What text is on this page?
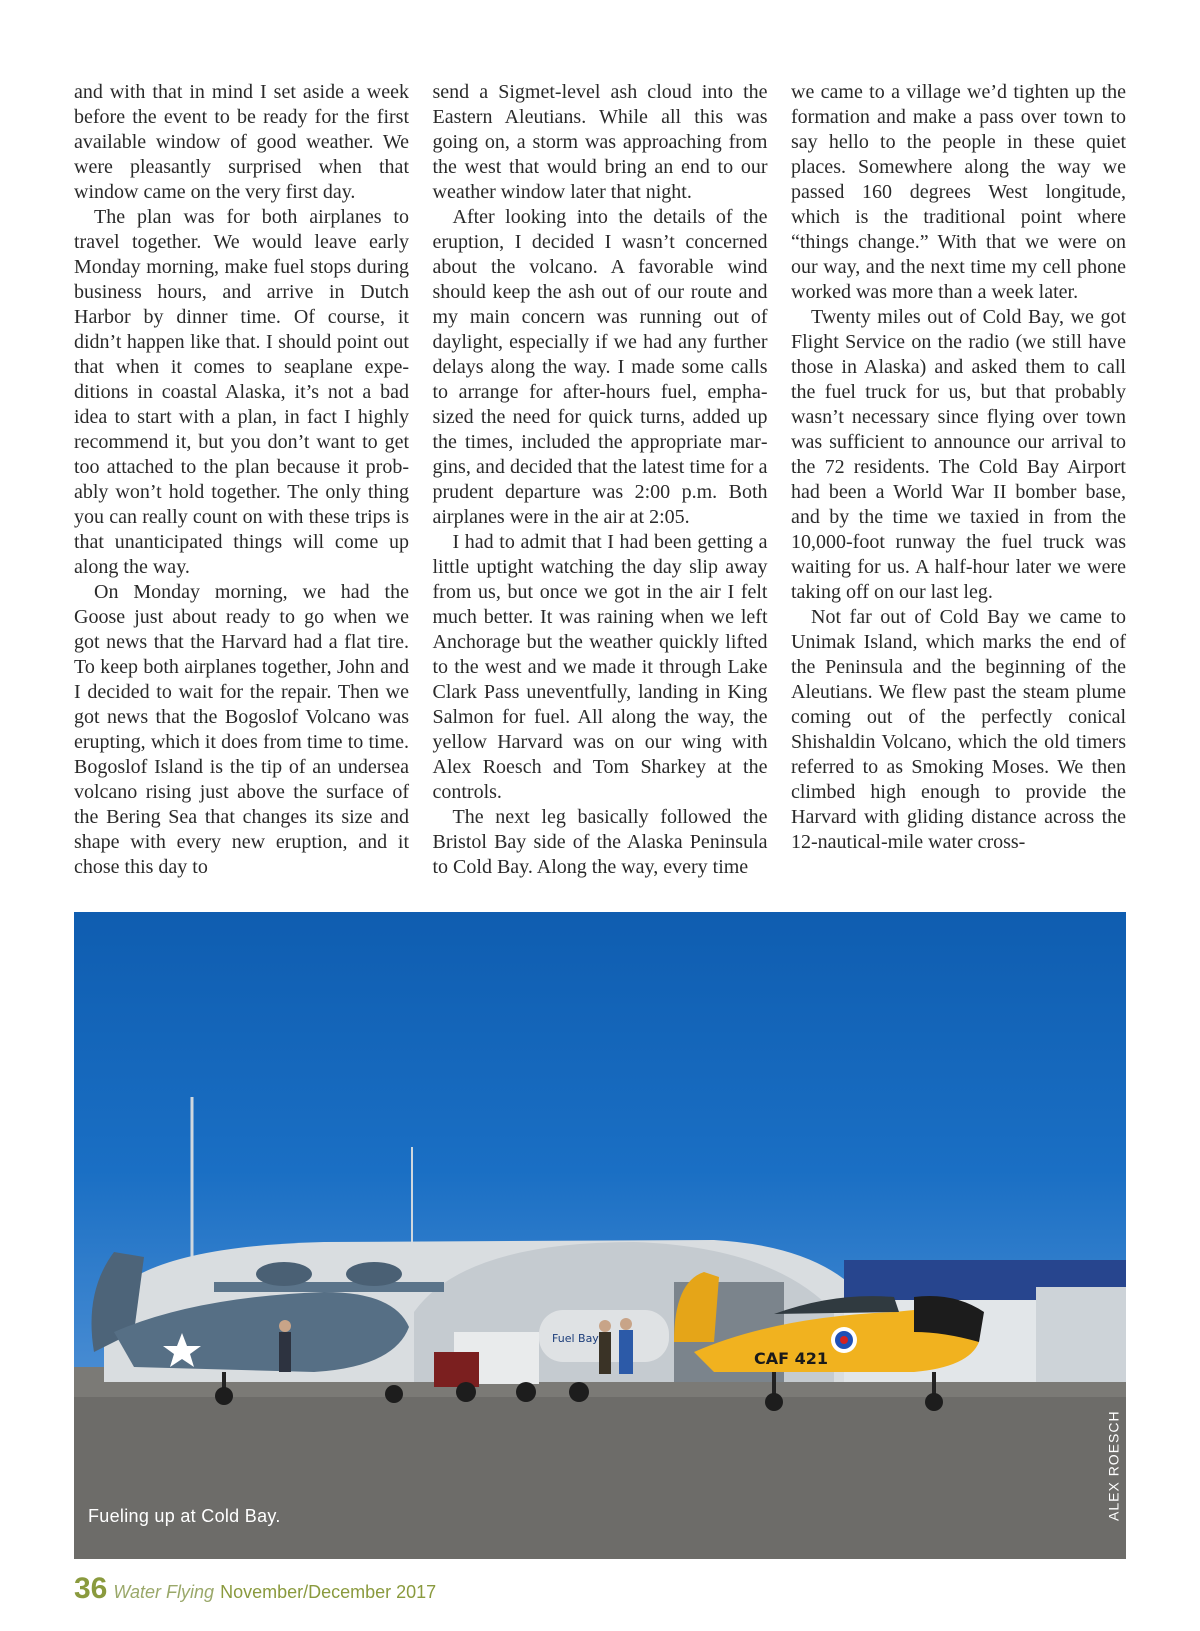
and with that in mind I set aside a week before the event to be ready for the first available window of good weather. We were pleasantly surprised when that window came on the very first day.

The plan was for both airplanes to travel together. We would leave early Monday morning, make fuel stops during business hours, and arrive in Dutch Harbor by dinner time. Of course, it didn’t happen like that. I should point out that when it comes to seaplane expeditions in coastal Alaska, it’s not a bad idea to start with a plan, in fact I highly recommend it, but you don’t want to get too attached to the plan because it probably won’t hold together. The only thing you can really count on with these trips is that unanticipated things will come up along the way.

On Monday morning, we had the Goose just about ready to go when we got news that the Harvard had a flat tire. To keep both airplanes together, John and I decided to wait for the repair. Then we got news that the Bogoslof Volcano was erupting, which it does from time to time. Bogoslof Island is the tip of an undersea volcano rising just above the surface of the Bering Sea that changes its size and shape with every new eruption, and it chose this day to

send a Sigmet-level ash cloud into the Eastern Aleutians. While all this was going on, a storm was approaching from the west that would bring an end to our weather window later that night.

After looking into the details of the eruption, I decided I wasn’t concerned about the volcano. A favorable wind should keep the ash out of our route and my main concern was running out of daylight, especially if we had any further delays along the way. I made some calls to arrange for after-hours fuel, emphasized the need for quick turns, added up the times, included the appropriate margins, and decided that the latest time for a prudent departure was 2:00 p.m. Both airplanes were in the air at 2:05.

I had to admit that I had been getting a little uptight watching the day slip away from us, but once we got in the air I felt much better. It was raining when we left Anchorage but the weather quickly lifted to the west and we made it through Lake Clark Pass uneventfully, landing in King Salmon for fuel. All along the way, the yellow Harvard was on our wing with Alex Roesch and Tom Sharkey at the controls.

The next leg basically followed the Bristol Bay side of the Alaska Peninsula to Cold Bay. Along the way, every time

we came to a village we’d tighten up the formation and make a pass over town to say hello to the people in these quiet places. Somewhere along the way we passed 160 degrees West longitude, which is the traditional point where “things change.” With that we were on our way, and the next time my cell phone worked was more than a week later.

Twenty miles out of Cold Bay, we got Flight Service on the radio (we still have those in Alaska) and asked them to call the fuel truck for us, but that probably wasn’t necessary since flying over town was sufficient to announce our arrival to the 72 residents. The Cold Bay Airport had been a World War II bomber base, and by the time we taxied in from the 10,000-foot runway the fuel truck was waiting for us. A half-hour later we were taking off on our last leg.

Not far out of Cold Bay we came to Unimak Island, which marks the end of the Peninsula and the beginning of the Aleutians. We flew past the steam plume coming out of the perfectly conical Shishaldin Volcano, which the old timers referred to as Smoking Moses. We then climbed high enough to provide the Harvard with gliding distance across the 12-nautical-mile water cross-

Fuel Bay
CAF 421
Fueling up at Cold Bay.	ALEX ROESCH
36 Water Flying November/December 2017
